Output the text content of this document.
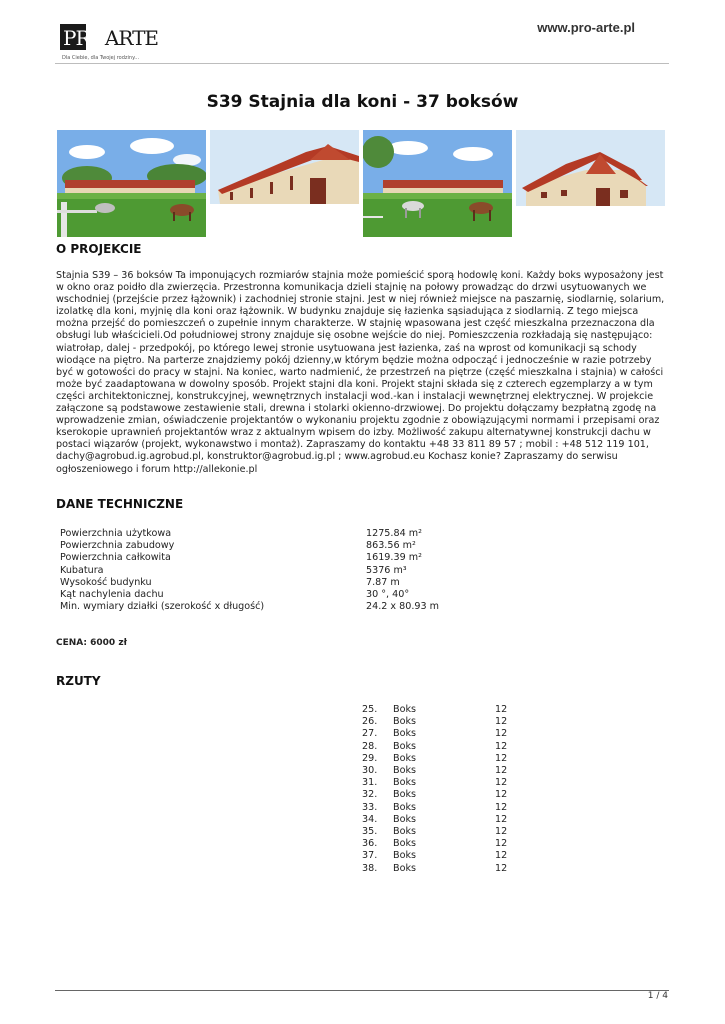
PROARTE
Dla Ciebie, dla Twojej rodziny...
www.pro-arte.pl
S39 Stajnia dla koni - 37 boksów
O PROJEKCIE

Stajnia S39 – 36 boksów Ta imponujących rozmiarów stajnia może pomieścić sporą hodowlę koni. Każdy boks wyposażony jest w okno oraz poidło dla zwierzęcia. Przestronna komunikacja dzieli stajnię na połowy prowadząc do drzwi usytuowanych we wschodniej (przejście przez łążownik) i zachodniej stronie stajni. Jest w niej również miejsce na paszarnię, siodlarnię, solarium, izolatkę dla koni, myjnię dla koni oraz łążownik. W budynku znajduje się łazienka sąsiadująca z siodlarnią. Z tego miejsca można przejść do pomieszczeń o zupełnie innym charakterze. W stajnię wpasowana jest część mieszkalna przeznaczona dla obsługi lub właścicieli.Od południowej strony znajduje się osobne wejście do niej. Pomieszczenia rozkładają się następująco: wiatrołap, dalej - przedpokój, po którego lewej stronie usytuowana jest łazienka, zaś na wprost od komunikacji są schody wiodące na piętro. Na parterze znajdziemy pokój dzienny,w którym będzie można odpocząć i jednocześnie w razie potrzeby być w gotowości do pracy w stajni. Na koniec, warto nadmienić, że przestrzeń na piętrze (część mieszkalna i stajnia) w całości może być zaadaptowana w dowolny sposób. Projekt stajni dla koni. Projekt stajni składa się z czterech egzemplarzy a w tym części architektonicznej, konstrukcyjnej, wewnętrznych instalacji wod.-kan i instalacji wewnętrznej elektrycznej. W projekcie załączone są podstawowe zestawienie stali, drewna i stolarki okienno-drzwiowej. Do projektu dołączamy bezpłatną zgodę na wprowadzenie zmian, oświadczenie projektantów o wykonaniu projektu zgodnie z obowiązującymi normami i przepisami oraz kserokopie uprawnień projektantów wraz z aktualnym wpisem do izby. Możliwość zakupu alternatywnej konstrukcji dachu w postaci wiązarów (projekt, wykonawstwo i montaż). Zapraszamy do kontaktu +48 33 811 89 57 ; mobil : +48 512 119 101, dachy@agrobud.ig.agrobud.pl, konstruktor@agrobud.ig.pl ; www.agrobud.eu Kochasz konie? Zapraszamy do serwisu ogłoszeniowego i forum http://allekonie.pl

DANE TECHNICZNE
Powierzchnia użytkowa	1275.84 m²
Powierzchnia zabudowy	863.56 m²
Powierzchnia całkowita	1619.39 m²
Kubatura	5376 m³
Wysokość budynku	7.87 m
Kąt nachylenia dachu	30 °, 40°
Min. wymiary działki (szerokość x długość)	24.2 x 80.93 m
CENA: 6000 zł
RZUTY
25.	Boks	12
26.	Boks	12
27.	Boks	12
28.	Boks	12
29.	Boks	12
30.	Boks	12
31.	Boks	12
32.	Boks	12
33.	Boks	12
34.	Boks	12
35.	Boks	12
36.	Boks	12
37.	Boks	12
38.	Boks	12
1 / 4
